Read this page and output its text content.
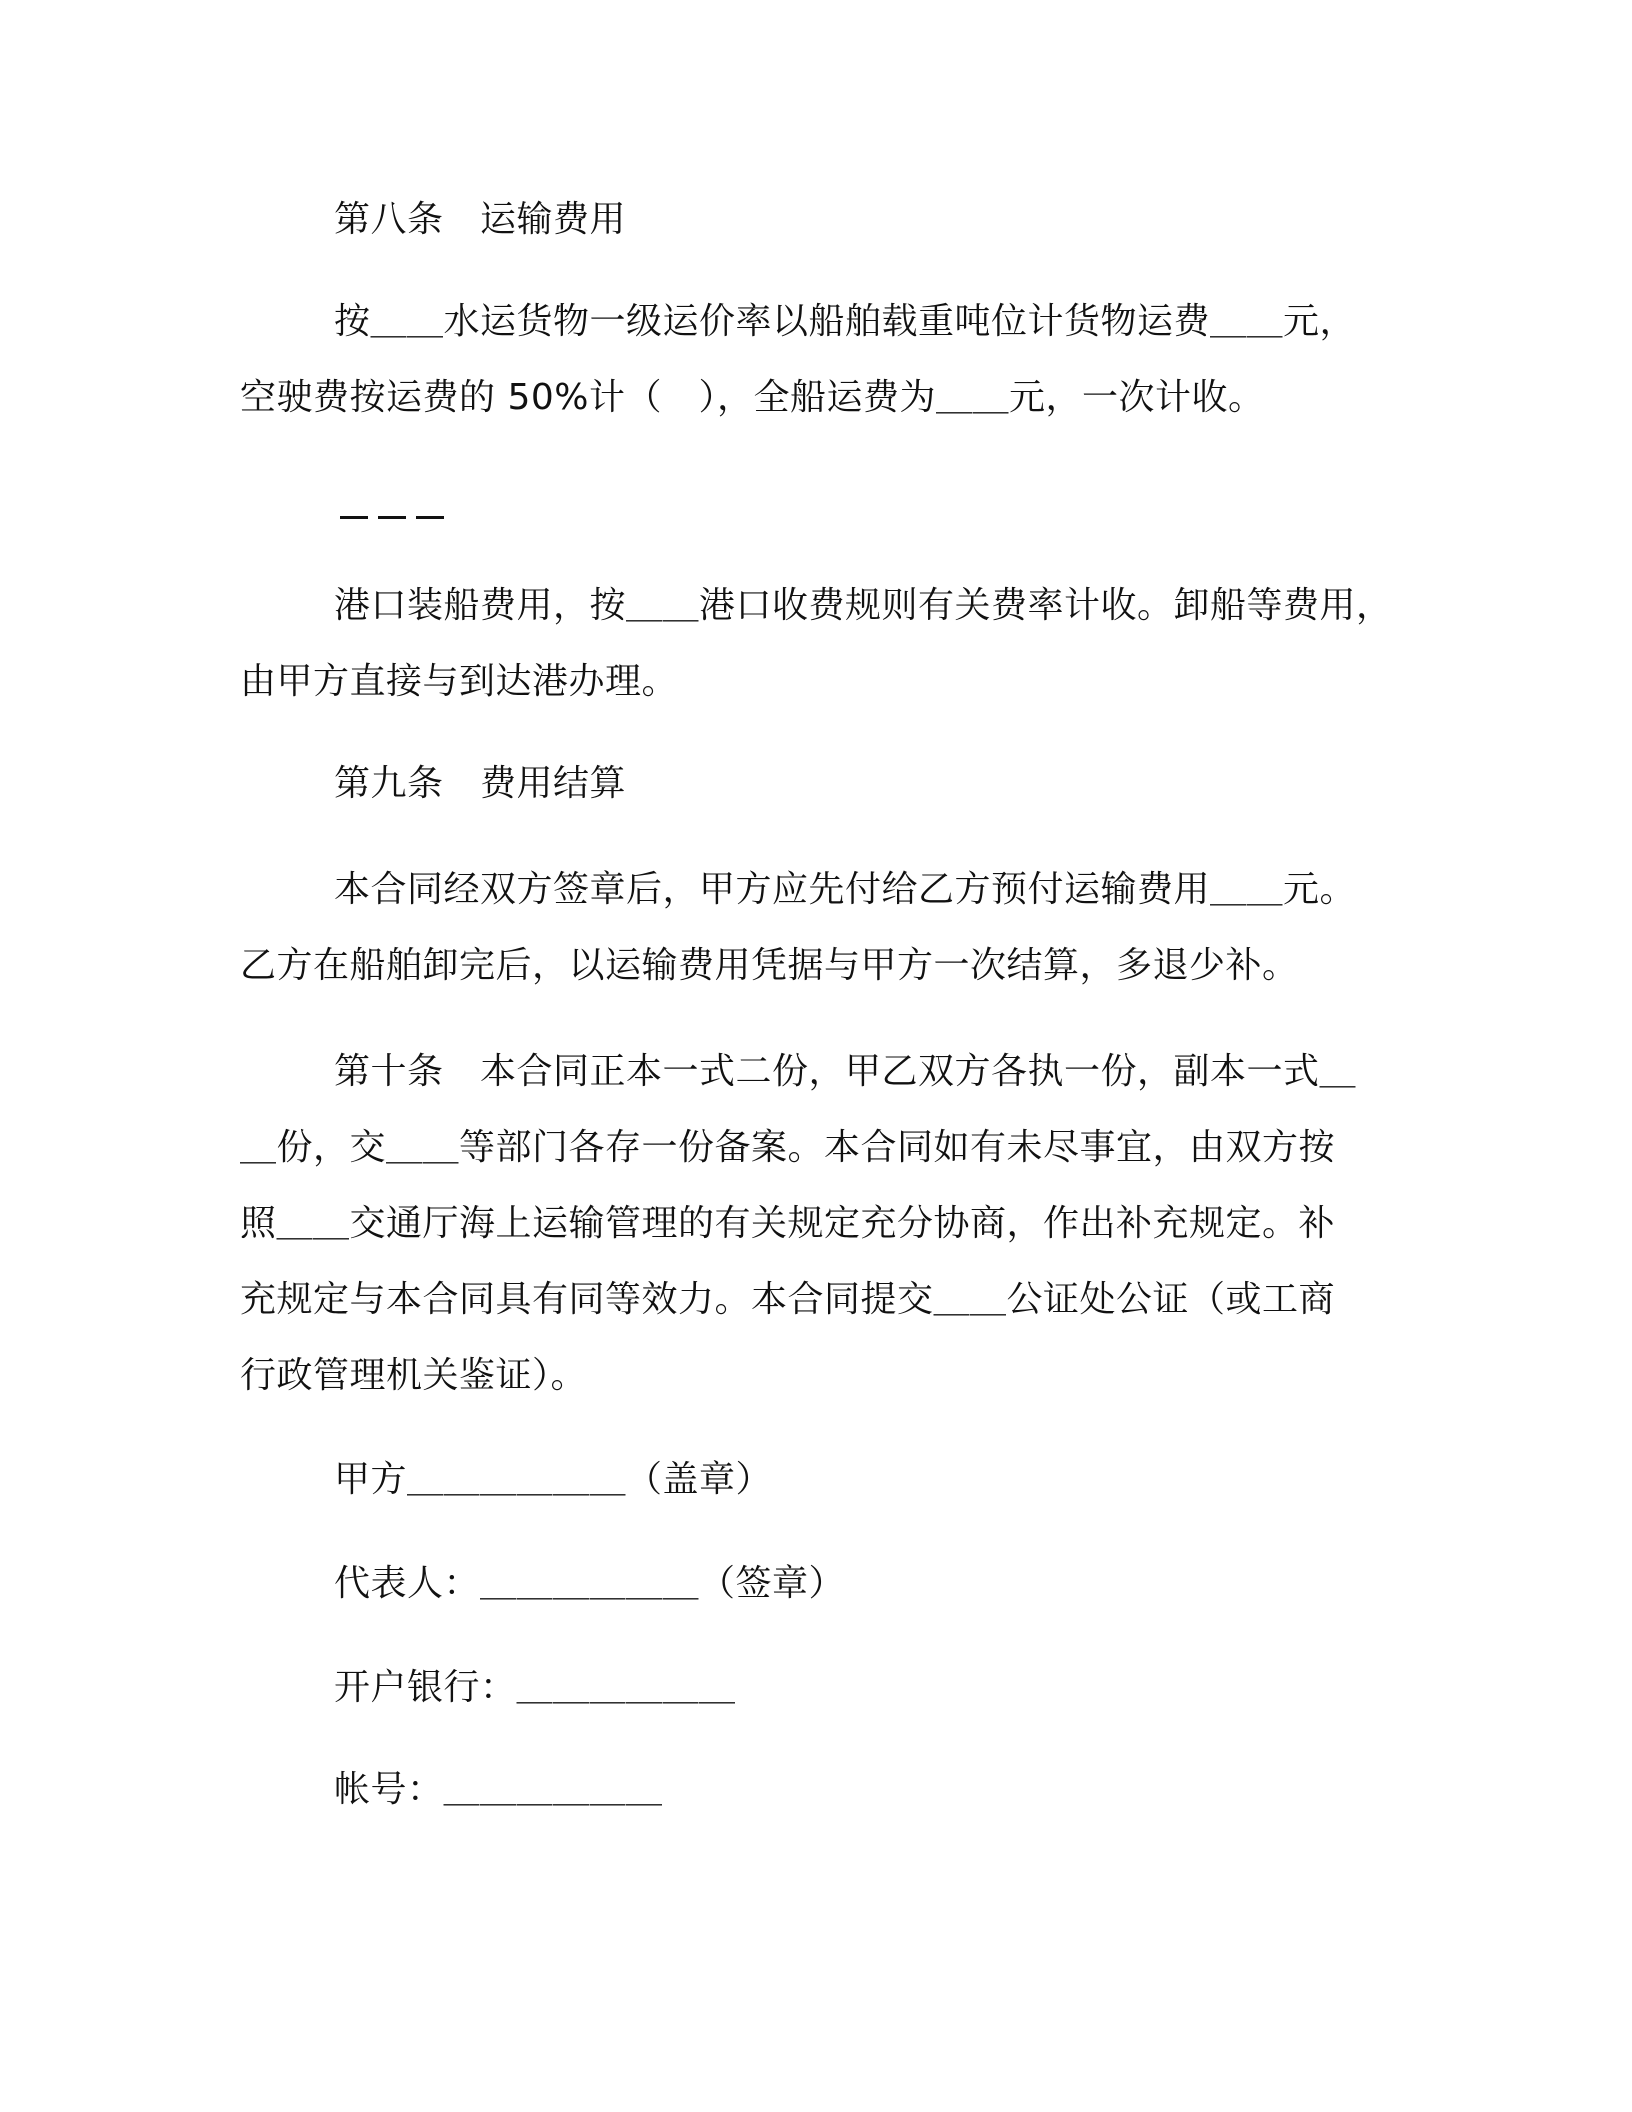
第八条　运输费用
按＿＿水运货物一级运价率以船舶载重吨位计货物运费＿＿元，
空驶费按运费的 50%计（　），全船运费为＿＿元，一次计收。
港口装船费用，按＿＿港口收费规则有关费率计收。卸船等费用，
由甲方直接与到达港办理。
第九条　费用结算
本合同经双方签章后，甲方应先付给乙方预付运输费用＿＿元。
乙方在船舶卸完后，以运输费用凭据与甲方一次结算，多退少补。
第十条　本合同正本一式二份，甲乙双方各执一份，副本一式＿
＿份，交＿＿等部门各存一份备案。本合同如有未尽事宜，由双方按
照＿＿交通厅海上运输管理的有关规定充分协商，作出补充规定。补
充规定与本合同具有同等效力。本合同提交＿＿公证处公证（或工商
行政管理机关鉴证）。
甲方＿＿＿＿＿＿（盖章）
代表人：＿＿＿＿＿＿（签章）
开户银行：＿＿＿＿＿＿
帐号：＿＿＿＿＿＿
